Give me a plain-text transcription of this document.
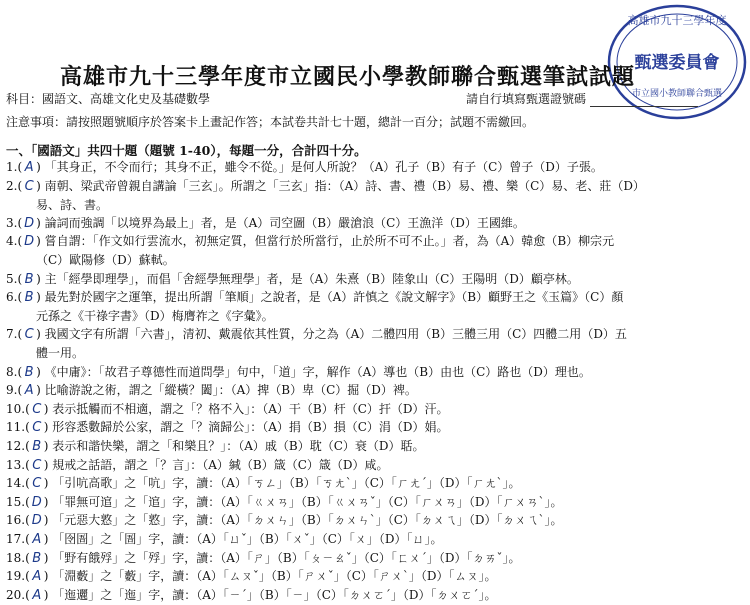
高雄市九十三學年度
甄選委員會
市立國小教師聯合甄選
高雄市九十三學年度市立國民小學教師聯合甄選筆試試題
科目：國語文、高雄文化史及基礎數學	請自行填寫甄選證號碼
注意事項：請按照題號順序於答案卡上畫記作答；本試卷共計七十題，總計一百分；試題不需繳回。
一、「國語文」共四十題（題號 1-40），每題一分，合計四十分。
1.( A ) 「其身正，不令而行；其身不正，雖令不從。」是何人所說？（A）孔子（B）有子（C）曾子（D）子張。
2.( C ) 南朝、梁武帝曾親自講論「三玄」。所謂之「三玄」指：（A）詩、書、禮（B）易、禮、樂（C）易、老、莊（D）
易、詩、書。
3.( D ) 論詞而強調「以境界為最上」者，是（A）司空圖（B）嚴滄浪（C）王漁洋（D）王國維。
4.( D ) 嘗自謂：「作文如行雲流水，初無定質，但當行於所當行，止於所不可不止。」者，為（A）韓愈（B）柳宗元
（C）歐陽修（D）蘇軾。
5.( B ) 主「經學即理學」，而倡「舍經學無理學」者，是（A）朱熹（B）陸象山（C）王陽明（D）顧亭林。
6.( B ) 最先對於國字之運筆，提出所謂「筆順」之說者，是（A）許慎之《說文解字》（B）顧野王之《玉篇》（C）顏
元孫之《干祿字書》（D）梅膺祚之《字彙》。
7.( C ) 我國文字有所謂「六書」，清初、戴震依其性質，分之為（A）二體四用（B）三體三用（C）四體二用（D）五
體一用。
8.( B ) 《中庸》：「故君子尊德性而道問學」句中，「道」字，解作（A）導也（B）由也（C）路也（D）理也。
9.( A ) 比喻游說之術，謂之「縱橫？闔」：（A）捭（B）卑（C）掘（D）裨。
10.( C ) 表示抵觸而不相適，謂之「？格不入」：（A）干（B）杆（C）扞（D）汗。
11.( C ) 形容悉數歸於公家，謂之「？滴歸公」：（A）捐（B）損（C）涓（D）娟。
12.( B ) 表示和諧快樂，謂之「和樂且？」：（A）戚（B）耽（C）衰（D）聒。
13.( C ) 規戒之話語，謂之「？言」：（A）緘（B）箴（C）箴（D）咸。
14.( C ) 「引吭高歌」之「吭」字，讀：（A）「ㄎㄥ」（B）「ㄎㄤˋ」（C）「ㄏㄤˊ」（D）「ㄏㄤˋ」。
15.( D ) 「罪無可逭」之「逭」字，讀：（A）「ㄍㄨㄢ」（B）「ㄍㄨㄢˇ」（C）「ㄏㄨㄢ」（D）「ㄏㄨㄢˋ」。
16.( D ) 「元惡大憝」之「憝」字，讀：（A）「ㄉㄨㄣ」（B）「ㄉㄨㄣˋ」（C）「ㄉㄨㄟ」（D）「ㄉㄨㄟˋ」。
17.( A ) 「囹圄」之「圄」字，讀：（A）「ㄩˇ」（B）「ㄨˇ」（C）「ㄨ」（D）「ㄩ」。
18.( B ) 「野有餓殍」之「殍」字，讀：（A）「ㄕ」（B）「ㄆㄧㄠˇ」（C）「ㄈㄨˊ」（D）「ㄉㄞˇ」。
19.( A ) 「淵藪」之「藪」字，讀：（A）「ㄙㄡˇ」（B）「ㄕㄨˇ」（C）「ㄕㄨˋ」（D）「ㄙㄡ」。
20.( A ) 「迤邐」之「迤」字，讀：（A）「ㄧˊ」（B）「ㄧ」（C）「ㄉㄨㄛˊ」（D）「ㄉㄨㄛˊ」。
